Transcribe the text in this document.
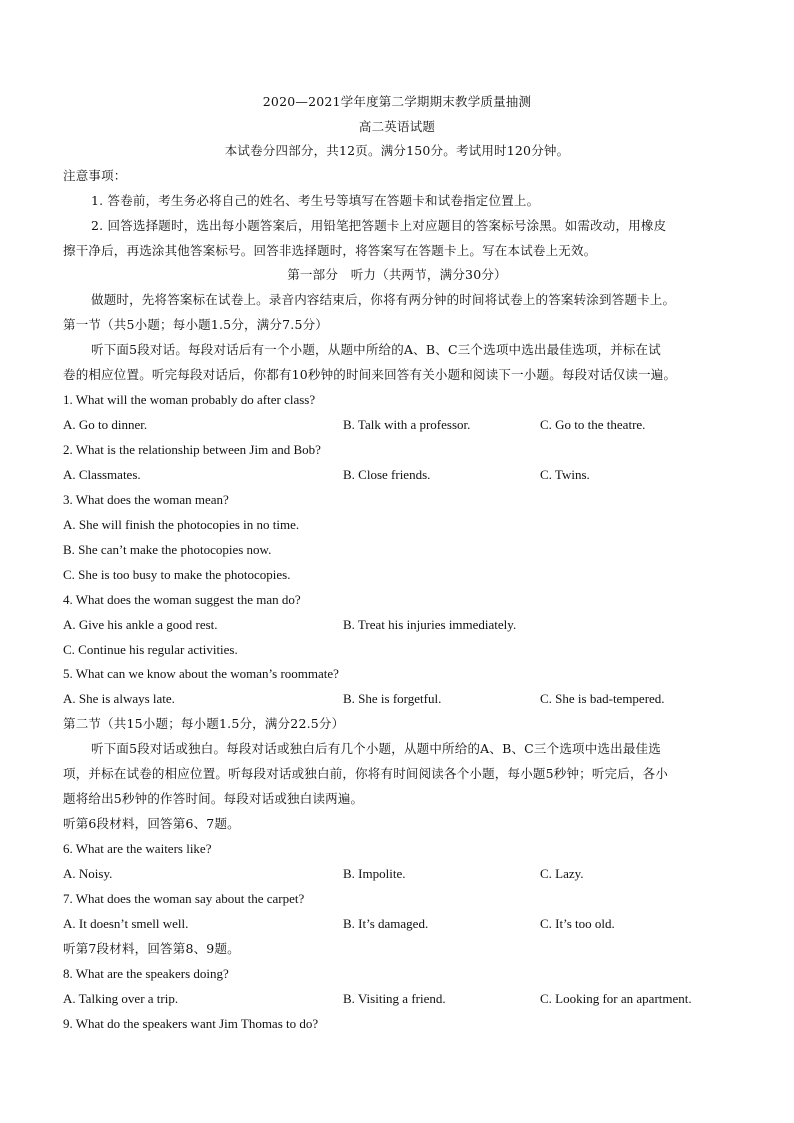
2020—2021学年度第二学期期末教学质量抽测
高二英语试题
本试卷分四部分，共12页。满分150分。考试用时120分钟。
注意事项：
1. 答卷前，考生务必将自己的姓名、考生号等填写在答题卡和试卷指定位置上。
2. 回答选择题时，选出每小题答案后，用铅笔把答题卡上对应题目的答案标号涂黑。如需改动，用橡皮
擦干净后，再选涂其他答案标号。回答非选择题时，将答案写在答题卡上。写在本试卷上无效。
第一部分　听力（共两节，满分30分）
做题时，先将答案标在试卷上。录音内容结束后，你将有两分钟的时间将试卷上的答案转涂到答题卡上。
第一节（共5小题；每小题1.5分，满分7.5分）
听下面5段对话。每段对话后有一个小题，从题中所给的A、B、C三个选项中选出最佳选项，并标在试
卷的相应位置。听完每段对话后，你都有10秒钟的时间来回答有关小题和阅读下一小题。每段对话仅读一遍。
1. What will the woman probably do after class?
A. Go to dinner.	B. Talk with a professor.	C. Go to the theatre.
2. What is the relationship between Jim and Bob?
A. Classmates.	B. Close friends.	C. Twins.
3. What does the woman mean?
A. She will finish the photocopies in no time.
B. She can’t make the photocopies now.
C. She is too busy to make the photocopies.
4. What does the woman suggest the man do?
A. Give his ankle a good rest.	B. Treat his injuries immediately.
C. Continue his regular activities.
5. What can we know about the woman’s roommate?
A. She is always late.	B. She is forgetful.	C. She is bad-tempered.
第二节（共15小题；每小题1.5分，满分22.5分）
听下面5段对话或独白。每段对话或独白后有几个小题，从题中所给的A、B、C三个选项中选出最佳选
项，并标在试卷的相应位置。听每段对话或独白前，你将有时间阅读各个小题，每小题5秒钟；听完后，各小
题将给出5秒钟的作答时间。每段对话或独白读两遍。
听第6段材料，回答第6、7题。
6. What are the waiters like?
A. Noisy.	B. Impolite.	C. Lazy.
7. What does the woman say about the carpet?
A. It doesn’t smell well.	B. It’s damaged.	C. It’s too old.
听第7段材料，回答第8、9题。
8. What are the speakers doing?
A. Talking over a trip.	B. Visiting a friend.	C. Looking for an apartment.
9. What do the speakers want Jim Thomas to do?
